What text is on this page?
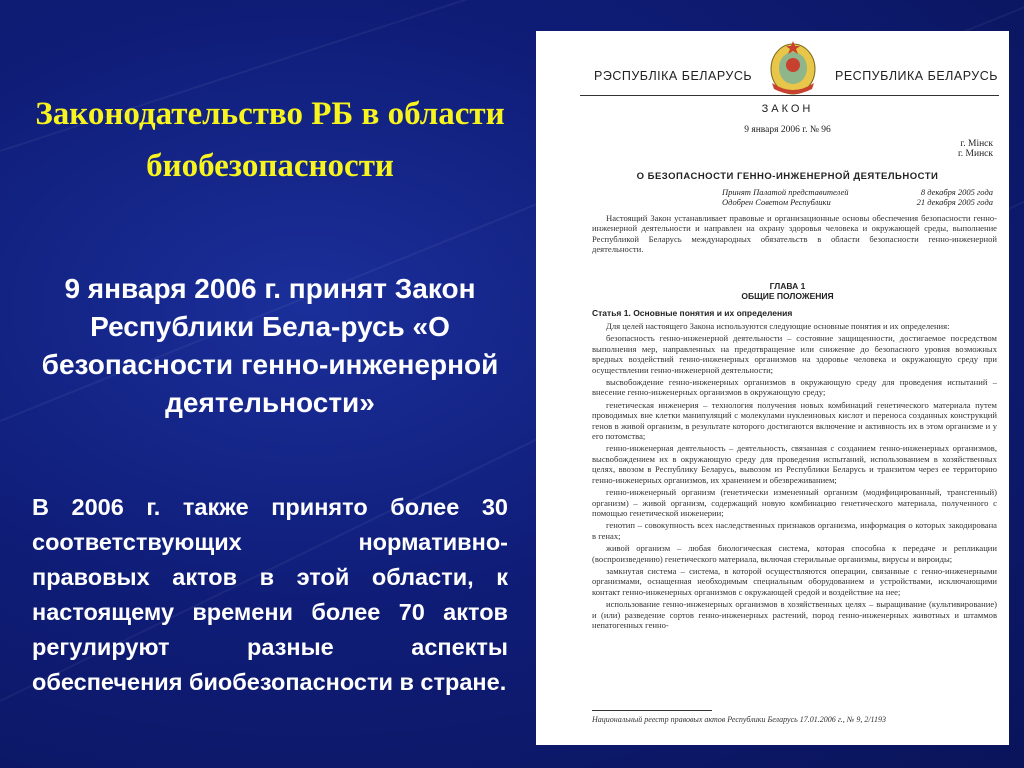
Законодательство РБ в области биобезопасности
9 января 2006 г. принят Закон Республики Бела-русь «О безопасности генно-инженерной деятельности»
В 2006 г. также принято более 30 соответствующих нормативно-правовых актов в этой области, к настоящему времени более 70 актов регулируют разные аспекты обеспечения биобезопасности в стране.
РЭСПУБЛІКА БЕЛАРУСЬ	РЕСПУБЛИКА БЕЛАРУСЬ
ЗАКОН
9 января 2006 г. № 96
г. Мінск
г. Минск
О БЕЗОПАСНОСТИ ГЕННО-ИНЖЕНЕРНОЙ ДЕЯТЕЛЬНОСТИ
Принят Палатой представителей	8 декабря 2005 года
Одобрен Советом Республики	21 декабря 2005 года

Настоящий Закон устанавливает правовые и организационные основы обеспечения безопасности генно-инженерной деятельности и направлен на охрану здоровья человека и окружающей среды, выполнение Республикой Беларусь международных обязательств в области безопасности генно-инженерной деятельности.

ГЛАВА 1
ОБЩИЕ ПОЛОЖЕНИЯ
Статья 1. Основные понятия и их определения

Для целей настоящего Закона используются следующие основные понятия и их определения:

безопасность генно-инженерной деятельности – состояние защищенности, достигаемое посредством выполнения мер, направленных на предотвращение или снижение до безопасного уровня возможных вредных воздействий генно-инженерных организмов на здоровье человека и окружающую среду при осуществлении генно-инженерной деятельности;

высвобождение генно-инженерных организмов в окружающую среду для проведения испытаний – внесение генно-инженерных организмов в окружающую среду;

генетическая инженерия – технология получения новых комбинаций генетического материала путем проводимых вне клетки манипуляций с молекулами нуклеиновых кислот и переноса созданных конструкций генов в живой организм, в результате которого достигаются включение и активность их в этом организме и у его потомства;

генно-инженерная деятельность – деятельность, связанная с созданием генно-инженерных организмов, высвобождением их в окружающую среду для проведения испытаний, использованием в хозяйственных целях, ввозом в Республику Беларусь, вывозом из Республики Беларусь и транзитом через ее территорию генно-инженерных организмов, их хранением и обезвреживанием;

генно-инженерный организм (генетически измененный организм (модифицированный, трансгенный) организм) – живой организм, содержащий новую комбинацию генетического материала, полученного с помощью генетической инженерии;

генотип – совокупность всех наследственных признаков организма, информация о которых закодирована в генах;

живой организм – любая биологическая система, которая способна к передаче и репликации (воспроизведению) генетического материала, включая стерильные организмы, вирусы и вироиды;

замкнутая система – система, в которой осуществляются операции, связанные с генно-инженерными организмами, оснащенная необходимым специальным оборудованием и устройствами, исключающими контакт генно-инженерных организмов с окружающей средой и воздействие на нее;

использование генно-инженерных организмов в хозяйственных целях – выращивание (культивирование) и (или) разведение сортов генно-инженерных растений, пород генно-инженерных животных и штаммов непатогенных генно-

Национальный реестр правовых актов Республики Беларусь 17.01.2006 г., № 9, 2/1193
